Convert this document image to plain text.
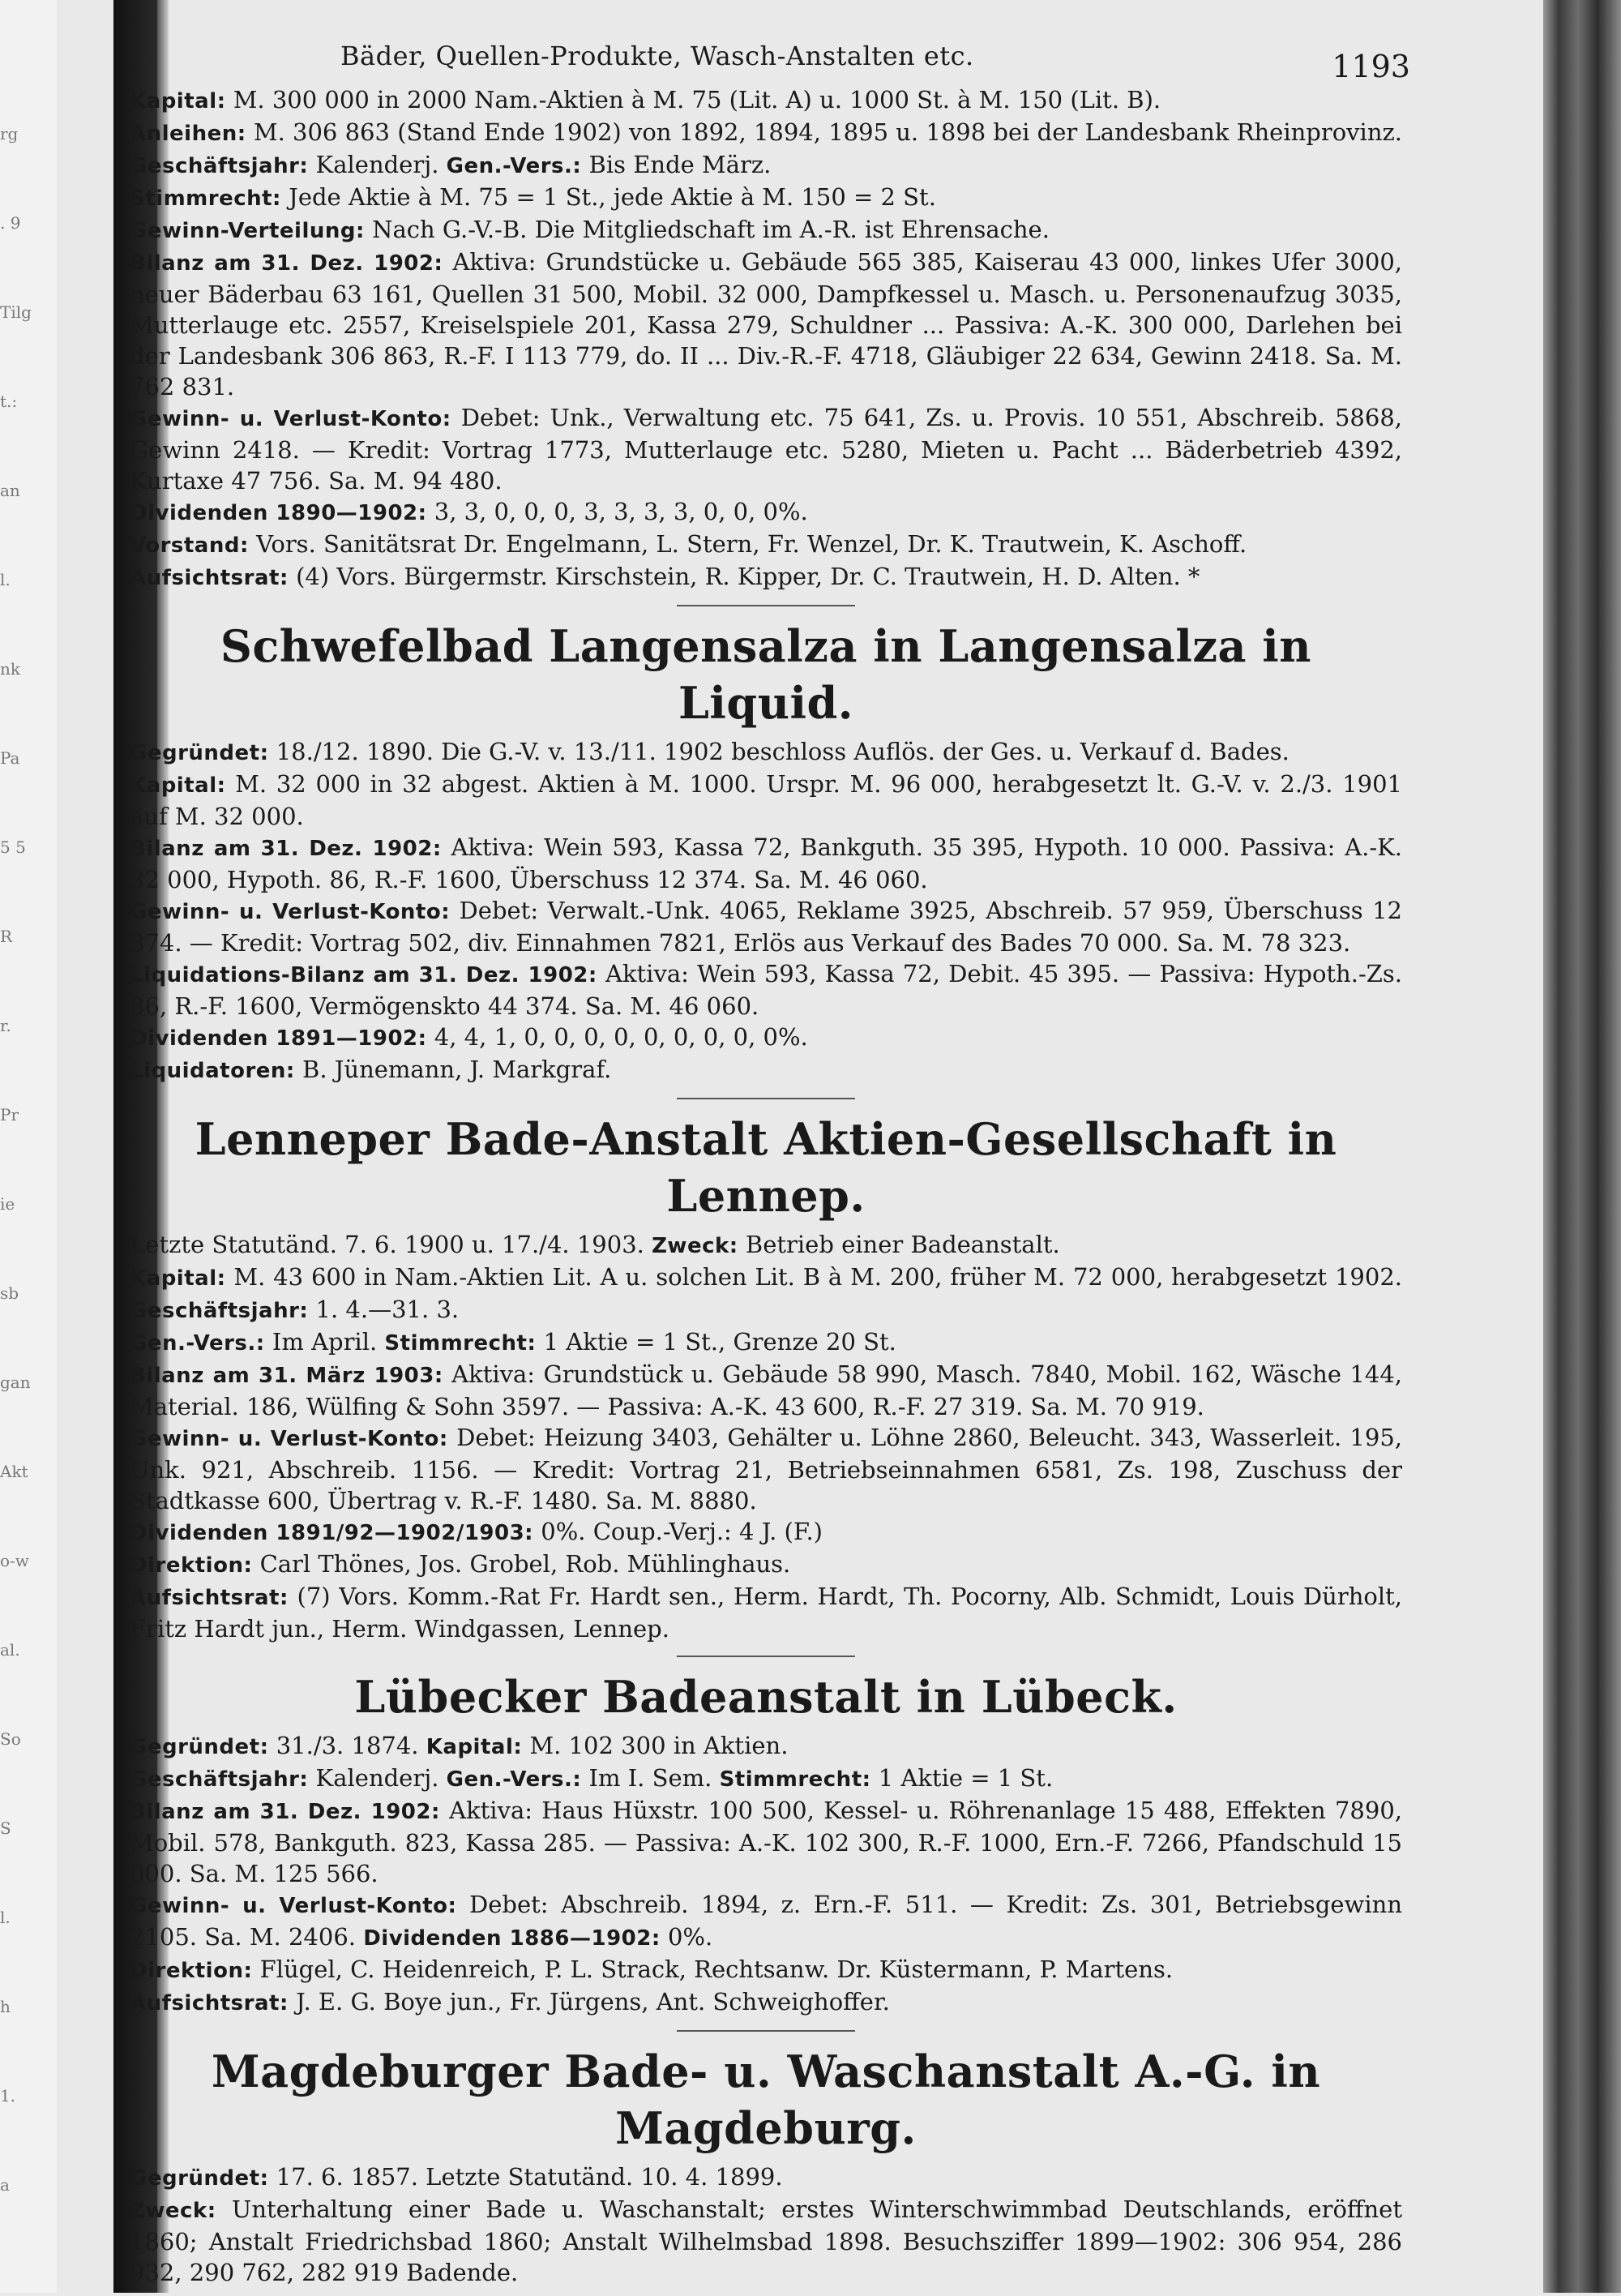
rg
. 9
Tilg
t.:
an
l.
nk
Pa
5 5
R
r.
Pr
ie
sb
gan
Akt
o-w
al.
So
S
l.
h
1.
a
Bäder, Quellen-Produkte, Wasch-Anstalten etc.	1193

Kapital: M. 300 000 in 2000 Nam.-Aktien à M. 75 (Lit. A) u. 1000 St. à M. 150 (Lit. B).

Anleihen: M. 306 863 (Stand Ende 1902) von 1892, 1894, 1895 u. 1898 bei der Landesbank Rheinprovinz. Geschäftsjahr: Kalenderj. Gen.-Vers.: Bis Ende März.

Stimmrecht: Jede Aktie à M. 75 = 1 St., jede Aktie à M. 150 = 2 St.

Gewinn-Verteilung: Nach G.-V.-B. Die Mitgliedschaft im A.-R. ist Ehrensache.

Bilanz am 31. Dez. 1902: Aktiva: Grundstücke u. Gebäude 565 385, Kaiserau 43 000, linkes Ufer 3000, neuer Bäderbau 63 161, Quellen 31 500, Mobil. 32 000, Dampfkessel u. Masch. u. Personenaufzug 3035, Mutterlauge etc. 2557, Kreiselspiele 201, Kassa 279, Schuldner ... Passiva: A.-K. 300 000, Darlehen bei der Landesbank 306 863, R.-F. I 113 779, do. II ... Div.-R.-F. 4718, Gläubiger 22 634, Gewinn 2418. Sa. M. 762 831.

Gewinn- u. Verlust-Konto: Debet: Unk., Verwaltung etc. 75 641, Zs. u. Provis. 10 551, Abschreib. 5868, Gewinn 2418. — Kredit: Vortrag 1773, Mutterlauge etc. 5280, Mieten u. Pacht ... Bäderbetrieb 4392, Kurtaxe 47 756. Sa. M. 94 480.

Dividenden 1890—1902: 3, 3, 0, 0, 0, 3, 3, 3, 3, 0, 0, 0%.

Vorstand: Vors. Sanitätsrat Dr. Engelmann, L. Stern, Fr. Wenzel, Dr. K. Trautwein, K. Aschoff.

Aufsichtsrat: (4) Vors. Bürgermstr. Kirschstein, R. Kipper, Dr. C. Trautwein, H. D. Alten. *

Schwefelbad Langensalza in Langensalza in Liquid.

Gegründet: 18./12. 1890. Die G.-V. v. 13./11. 1902 beschloss Auflös. der Ges. u. Verkauf d. Bades.

Kapital: M. 32 000 in 32 abgest. Aktien à M. 1000. Urspr. M. 96 000, herabgesetzt lt. G.-V. v. 2./3. 1901 auf M. 32 000.

Bilanz am 31. Dez. 1902: Aktiva: Wein 593, Kassa 72, Bankguth. 35 395, Hypoth. 10 000. Passiva: A.-K. 32 000, Hypoth. 86, R.-F. 1600, Überschuss 12 374. Sa. M. 46 060.

Gewinn- u. Verlust-Konto: Debet: Verwalt.-Unk. 4065, Reklame 3925, Abschreib. 57 959, Überschuss 12 374. — Kredit: Vortrag 502, div. Einnahmen 7821, Erlös aus Verkauf des Bades 70 000. Sa. M. 78 323.

Liquidations-Bilanz am 31. Dez. 1902: Aktiva: Wein 593, Kassa 72, Debit. 45 395. — Passiva: Hypoth.-Zs. 86, R.-F. 1600, Vermögenskto 44 374. Sa. M. 46 060.

Dividenden 1891—1902: 4, 4, 1, 0, 0, 0, 0, 0, 0, 0, 0, 0%.

Liquidatoren: B. Jünemann, J. Markgraf.

Lenneper Bade-Anstalt Aktien-Gesellschaft in Lennep.

Letzte Statutänd. 7. 6. 1900 u. 17./4. 1903. Zweck: Betrieb einer Badeanstalt.

Kapital: M. 43 600 in Nam.-Aktien Lit. A u. solchen Lit. B à M. 200, früher M. 72 000, herabgesetzt 1902. Geschäftsjahr: 1. 4.—31. 3.

Gen.-Vers.: Im April. Stimmrecht: 1 Aktie = 1 St., Grenze 20 St.

Bilanz am 31. März 1903: Aktiva: Grundstück u. Gebäude 58 990, Masch. 7840, Mobil. 162, Wäsche 144, Material. 186, Wülfing & Sohn 3597. — Passiva: A.-K. 43 600, R.-F. 27 319. Sa. M. 70 919.

Gewinn- u. Verlust-Konto: Debet: Heizung 3403, Gehälter u. Löhne 2860, Beleucht. 343, Wasserleit. 195, Unk. 921, Abschreib. 1156. — Kredit: Vortrag 21, Betriebseinnahmen 6581, Zs. 198, Zuschuss der Stadtkasse 600, Übertrag v. R.-F. 1480. Sa. M. 8880.

Dividenden 1891/92—1902/1903: 0%. Coup.-Verj.: 4 J. (F.)

Direktion: Carl Thönes, Jos. Grobel, Rob. Mühlinghaus.

Aufsichtsrat: (7) Vors. Komm.-Rat Fr. Hardt sen., Herm. Hardt, Th. Pocorny, Alb. Schmidt, Louis Dürholt, Fritz Hardt jun., Herm. Windgassen, Lennep.

Lübecker Badeanstalt in Lübeck.

Gegründet: 31./3. 1874. Kapital: M. 102 300 in Aktien.

Geschäftsjahr: Kalenderj. Gen.-Vers.: Im I. Sem. Stimmrecht: 1 Aktie = 1 St.

Bilanz am 31. Dez. 1902: Aktiva: Haus Hüxstr. 100 500, Kessel- u. Röhrenanlage 15 488, Effekten 7890, Mobil. 578, Bankguth. 823, Kassa 285. — Passiva: A.-K. 102 300, R.-F. 1000, Ern.-F. 7266, Pfandschuld 15 000. Sa. M. 125 566.

Gewinn- u. Verlust-Konto: Debet: Abschreib. 1894, z. Ern.-F. 511. — Kredit: Zs. 301, Betriebsgewinn 2105. Sa. M. 2406. Dividenden 1886—1902: 0%.

Direktion: Flügel, C. Heidenreich, P. L. Strack, Rechtsanw. Dr. Küstermann, P. Martens.

Aufsichtsrat: J. E. G. Boye jun., Fr. Jürgens, Ant. Schweighoffer.

Magdeburger Bade- u. Waschanstalt A.-G. in Magdeburg.

Gegründet: 17. 6. 1857. Letzte Statutänd. 10. 4. 1899.

Zweck: Unterhaltung einer Bade u. Waschanstalt; erstes Winterschwimmbad Deutschlands, eröffnet 1860; Anstalt Friedrichsbad 1860; Anstalt Wilhelmsbad 1898. Besuchsziffer 1899—1902: 306 954, 286 932, 290 762, 282 919 Badende.
